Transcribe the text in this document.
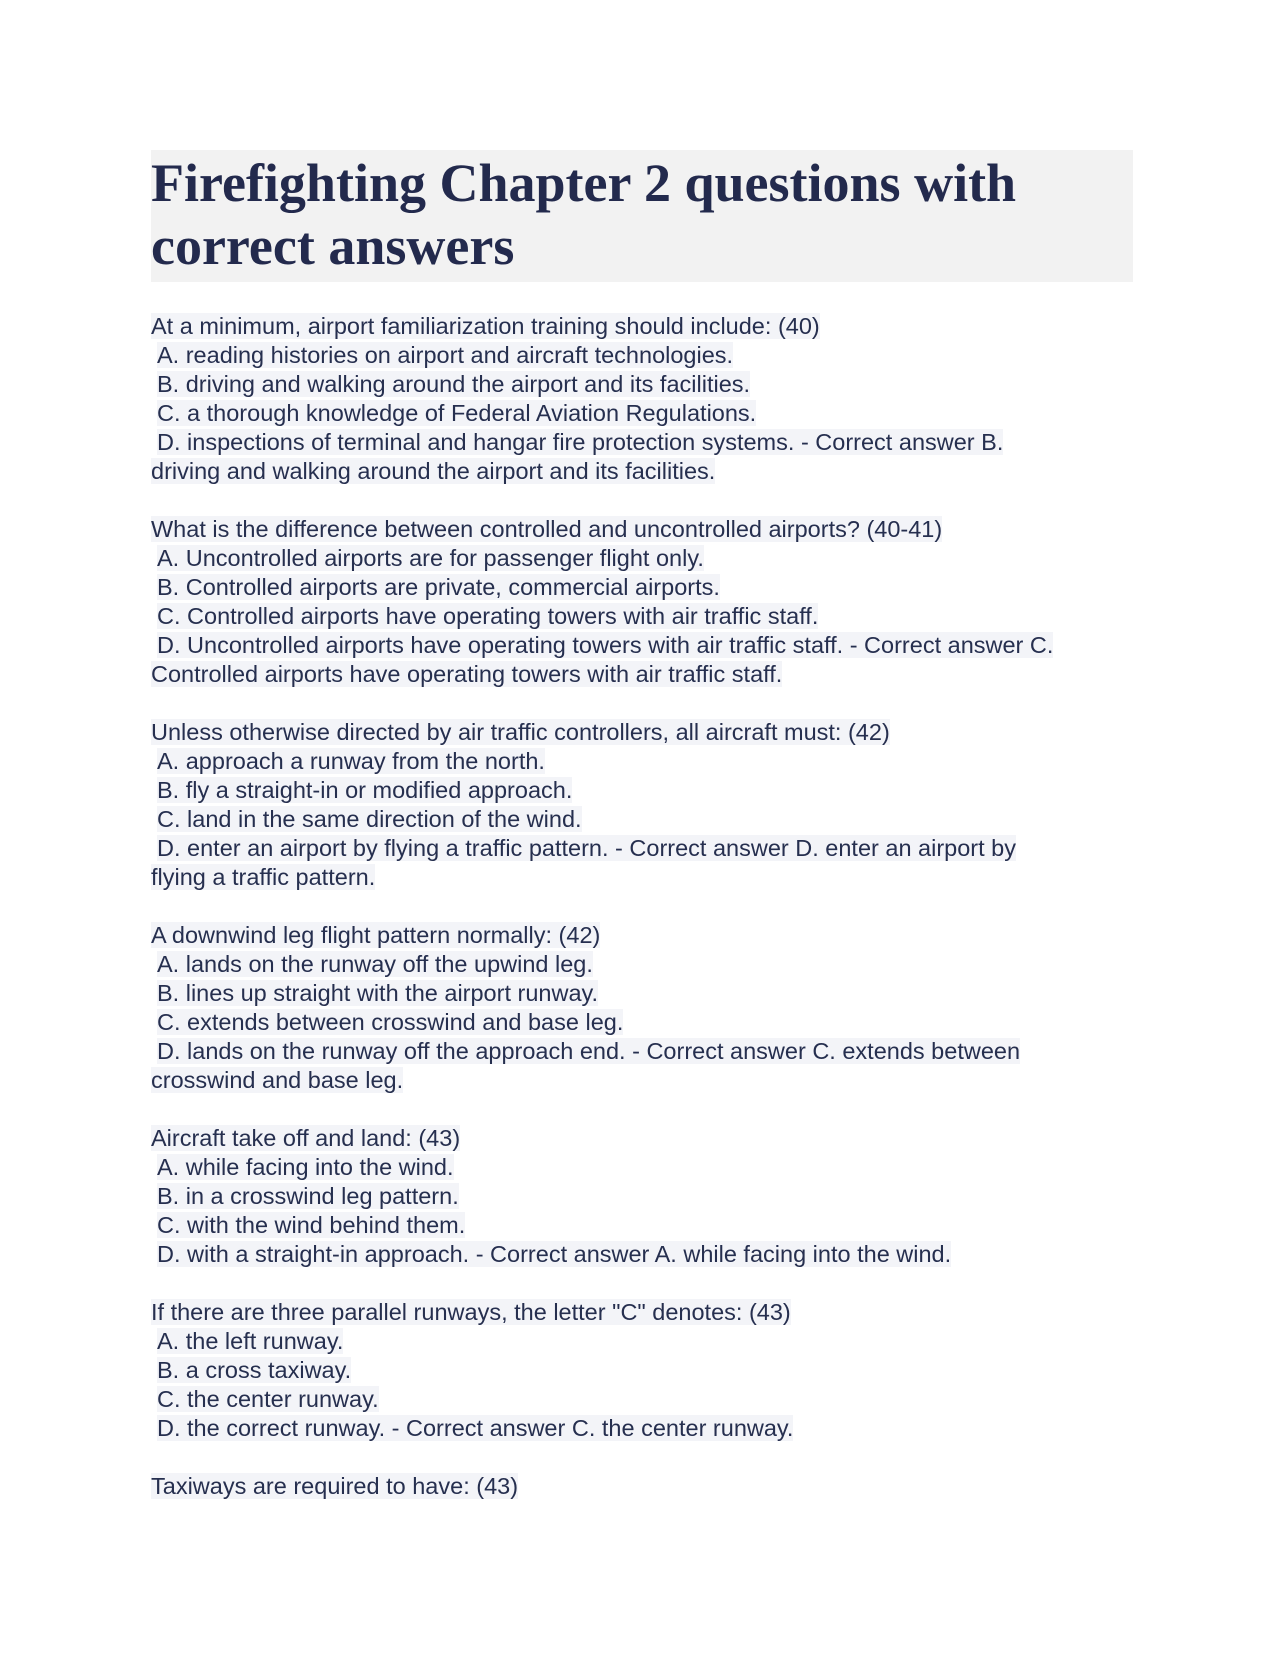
Firefighting Chapter 2 questions with
correct answers
At a minimum, airport familiarization training should include: (40)
A. reading histories on airport and aircraft technologies.
B. driving and walking around the airport and its facilities.
C. a thorough knowledge of Federal Aviation Regulations.
D. inspections of terminal and hangar fire protection systems. - Correct answer B.
driving and walking around the airport and its facilities.
What is the difference between controlled and uncontrolled airports? (40-41)
A. Uncontrolled airports are for passenger flight only.
B. Controlled airports are private, commercial airports.
C. Controlled airports have operating towers with air traffic staff.
D. Uncontrolled airports have operating towers with air traffic staff. - Correct answer C.
Controlled airports have operating towers with air traffic staff.
Unless otherwise directed by air traffic controllers, all aircraft must: (42)
A. approach a runway from the north.
B. fly a straight-in or modified approach.
C. land in the same direction of the wind.
D. enter an airport by flying a traffic pattern. - Correct answer D. enter an airport by
flying a traffic pattern.
A downwind leg flight pattern normally: (42)
A. lands on the runway off the upwind leg.
B. lines up straight with the airport runway.
C. extends between crosswind and base leg.
D. lands on the runway off the approach end. - Correct answer C. extends between
crosswind and base leg.
Aircraft take off and land: (43)
A. while facing into the wind.
B. in a crosswind leg pattern.
C. with the wind behind them.
D. with a straight-in approach. - Correct answer A. while facing into the wind.
If there are three parallel runways, the letter "C" denotes: (43)
A. the left runway.
B. a cross taxiway.
C. the center runway.
D. the correct runway. - Correct answer C. the center runway.
Taxiways are required to have: (43)
